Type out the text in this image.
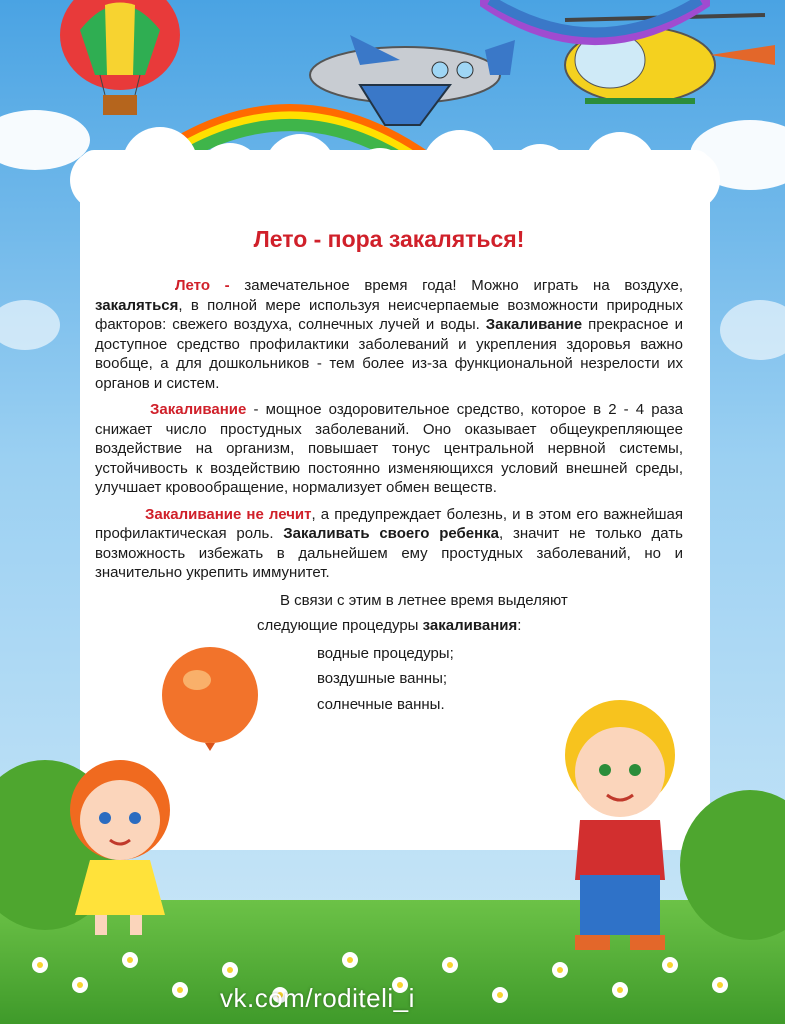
Лето - пора закаляться!

Лето - замечательное время года! Можно играть на воздухе, закаляться, в полной мере используя неисчерпаемые возможности природных факторов: свежего воздуха, солнечных лучей и воды. Закаливание прекрасное и доступное средство профилактики заболеваний и укрепления здоровья важно вообще, а для дошкольников - тем более из-за функциональной незрелости их органов и систем.

Закаливание - мощное оздоровительное средство, которое в 2 - 4 раза снижает число простудных заболеваний. Оно оказывает общеукрепляющее воздействие на организм, повышает тонус центральной нервной системы, устойчивость к воздействию постоянно изменяющихся условий внешней среды, улучшает кровообращение, нормализует обмен веществ.

Закаливание не лечит, а предупреждает болезнь, и в этом его важнейшая профилактическая роль. Закаливать своего ребенка, значит не только дать возможность избежать в дальнейшем ему простудных заболеваний, но и значительно укрепить иммунитет.

В связи с этим в летнее время выделяют
следующие процедуры закаливания:
водные процедуры;
воздушные ванны;
солнечные ванны.
vk.com/roditeli_i
